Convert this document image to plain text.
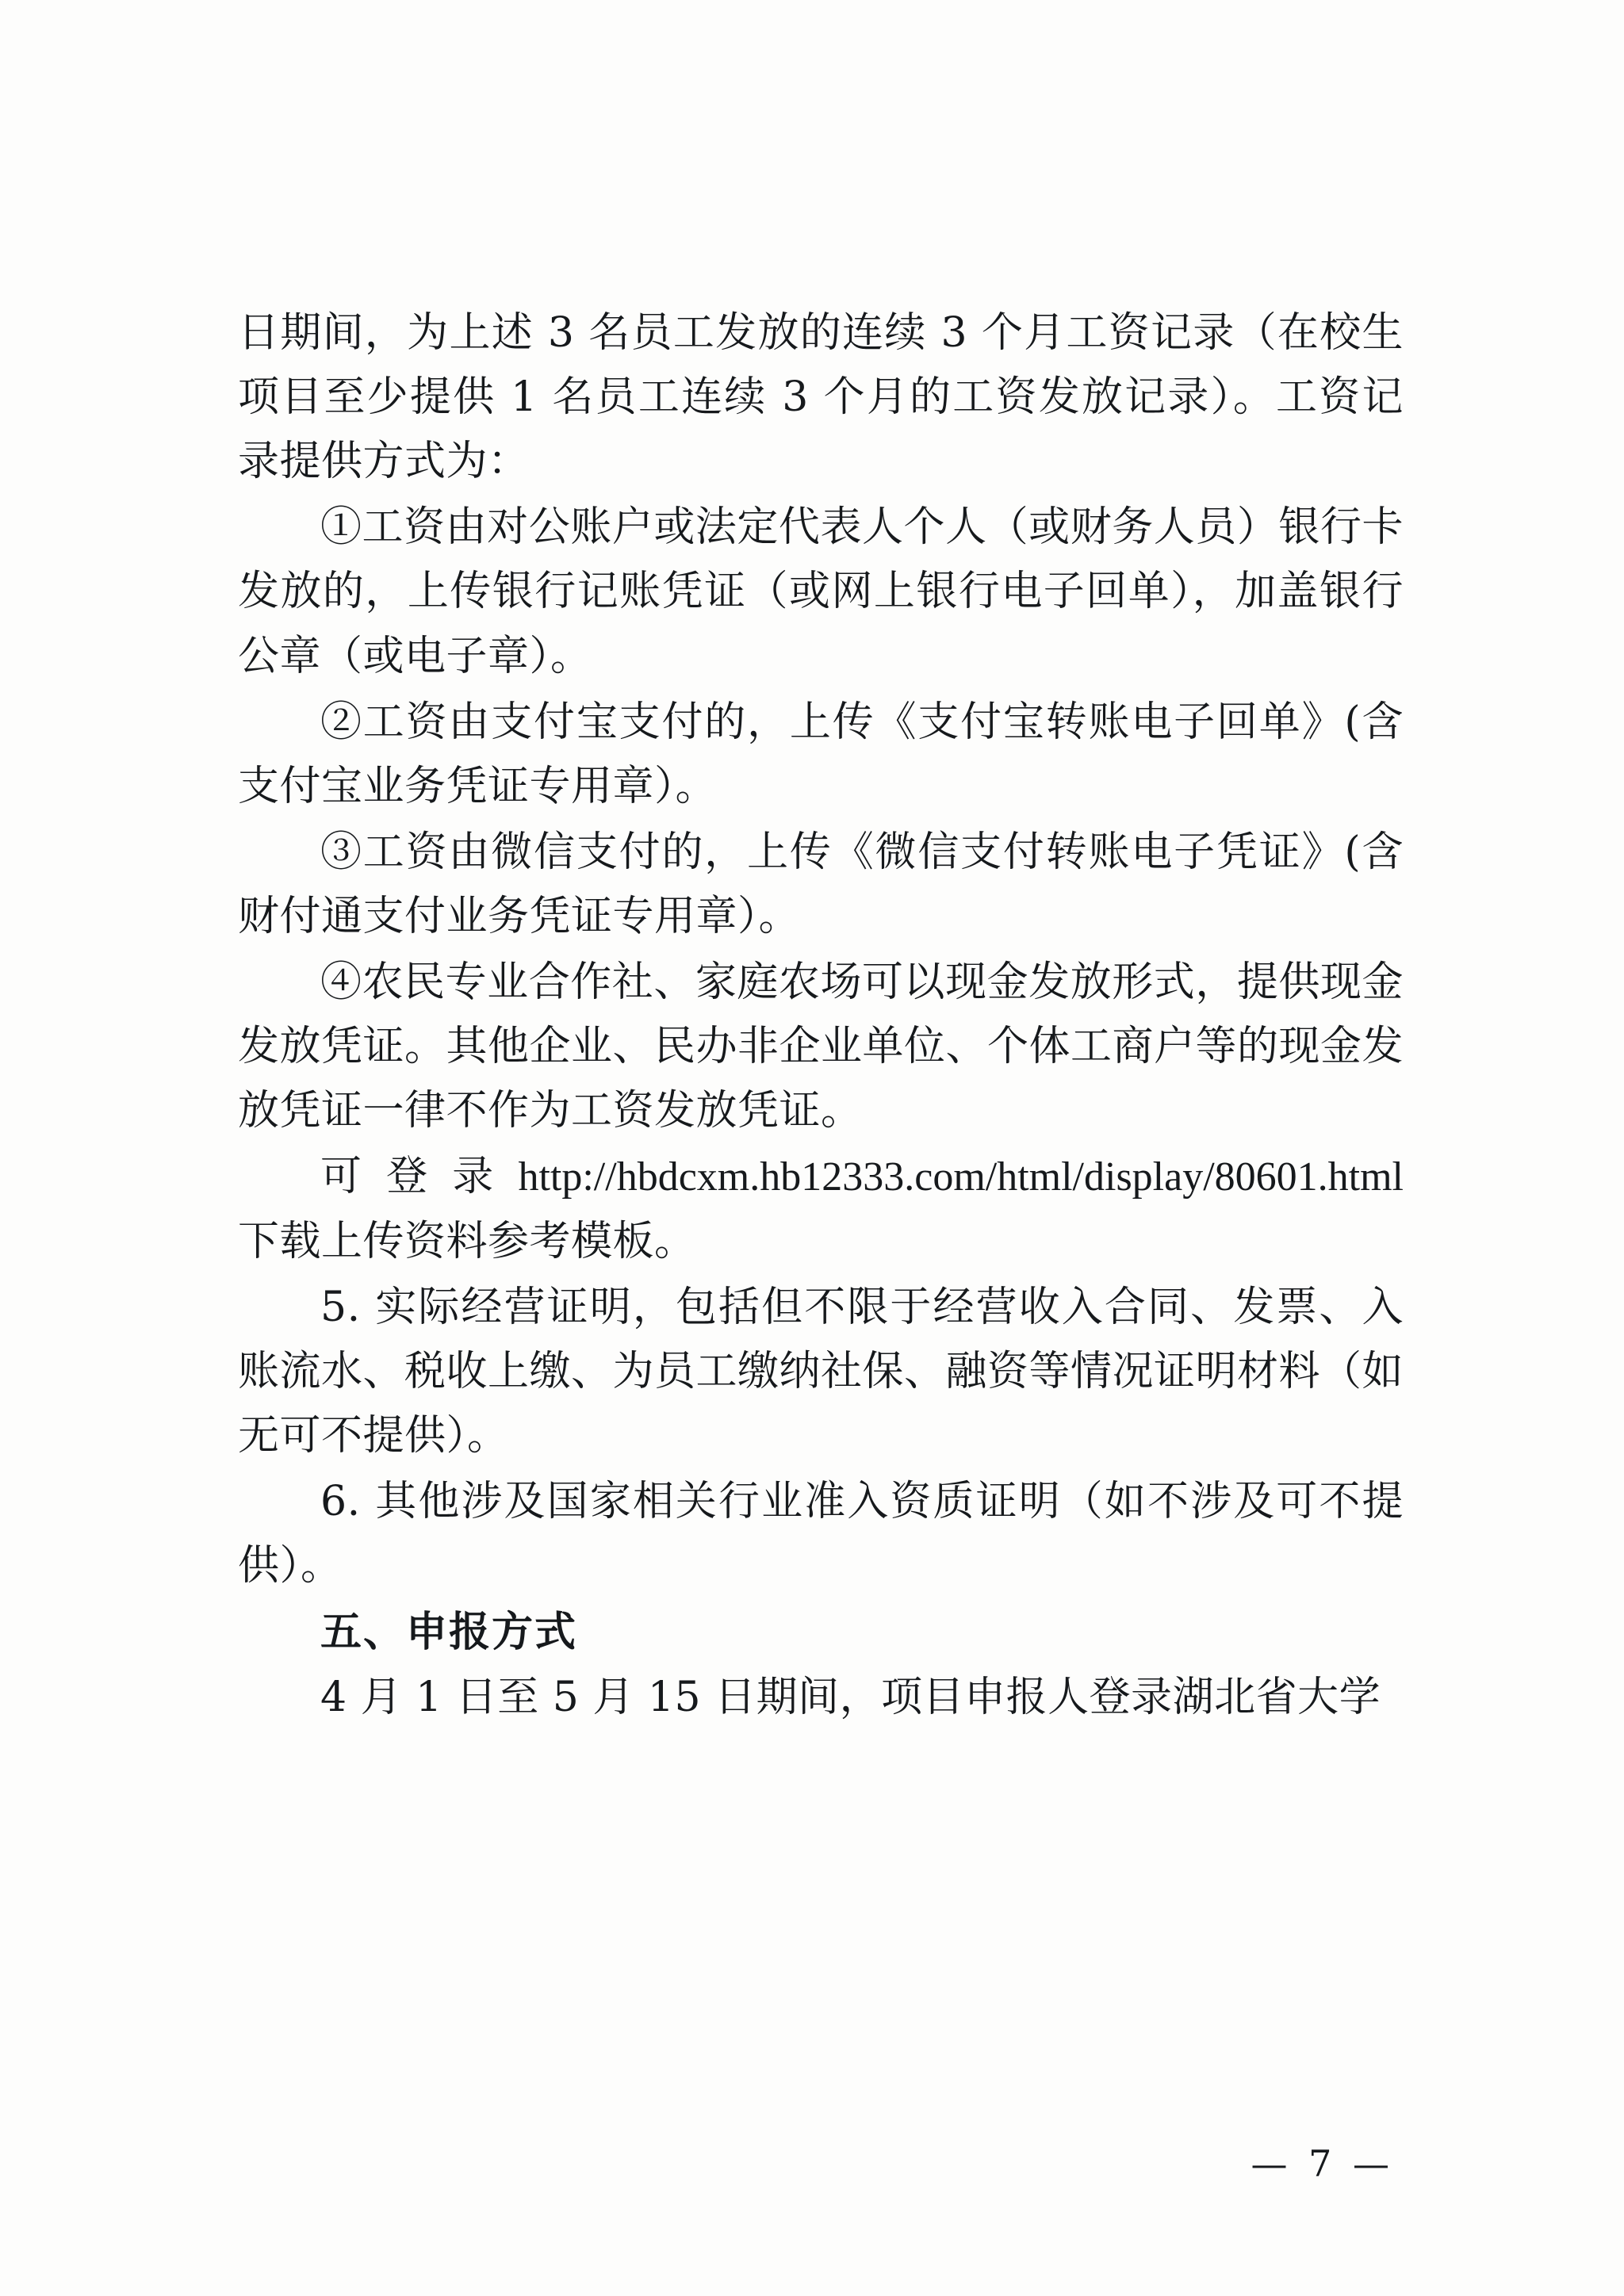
日期间，为上述 3 名员工发放的连续 3 个月工资记录（在校生项目至少提供 1 名员工连续 3 个月的工资发放记录）。工资记录提供方式为：

①工资由对公账户或法定代表人个人（或财务人员）银行卡发放的，上传银行记账凭证（或网上银行电子回单），加盖银行公章（或电子章）。

②工资由支付宝支付的，上传《支付宝转账电子回单》(含支付宝业务凭证专用章）。

③工资由微信支付的，上传《微信支付转账电子凭证》(含财付通支付业务凭证专用章）。

④农民专业合作社、家庭农场可以现金发放形式，提供现金发放凭证。其他企业、民办非企业单位、个体工商户等的现金发放凭证一律不作为工资发放凭证。

可 登 录 http://hbdcxm.hb12333.com/html/display/80601.html下载上传资料参考模板。

5. 实际经营证明，包括但不限于经营收入合同、发票、入账流水、税收上缴、为员工缴纳社保、融资等情况证明材料（如无可不提供）。

6. 其他涉及国家相关行业准入资质证明（如不涉及可不提供）。

五、申报方式

4 月 1 日至 5 月 15 日期间，项目申报人登录湖北省大学

— 7 —
